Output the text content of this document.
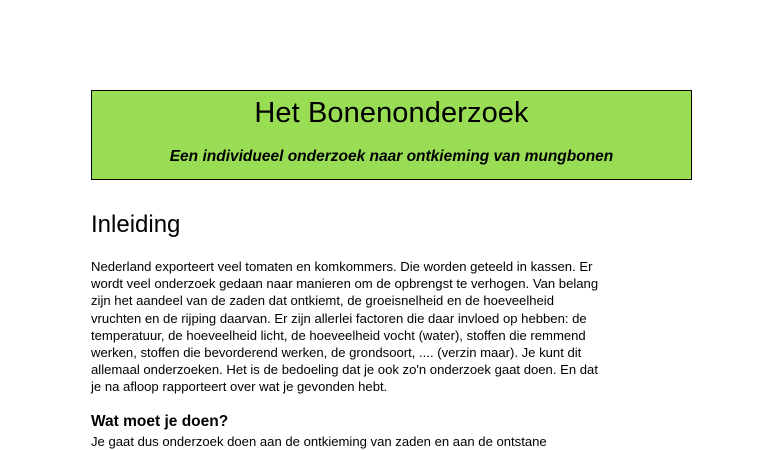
Het Bonenonderzoek

Een individueel onderzoek naar ontkieming van mungbonen

Inleiding

Nederland exporteert veel tomaten en komkommers. Die worden geteeld in kassen. Er
wordt veel onderzoek gedaan naar manieren om de opbrengst te verhogen. Van belang
zijn het aandeel van de zaden dat ontkiemt, de groeisnelheid en de hoeveelheid
vruchten en de rijping daarvan. Er zijn allerlei factoren die daar invloed op hebben: de
temperatuur, de hoeveelheid licht, de hoeveelheid vocht (water), stoffen die remmend
werken, stoffen die bevorderend werken, de grondsoort, .... (verzin maar). Je kunt dit
allemaal onderzoeken. Het is de bedoeling dat je ook zo'n onderzoek gaat doen. En dat
je na afloop rapporteert over wat je gevonden hebt.

Wat moet je doen?

Je gaat dus onderzoek doen aan de ontkieming van zaden en aan de ontstane
